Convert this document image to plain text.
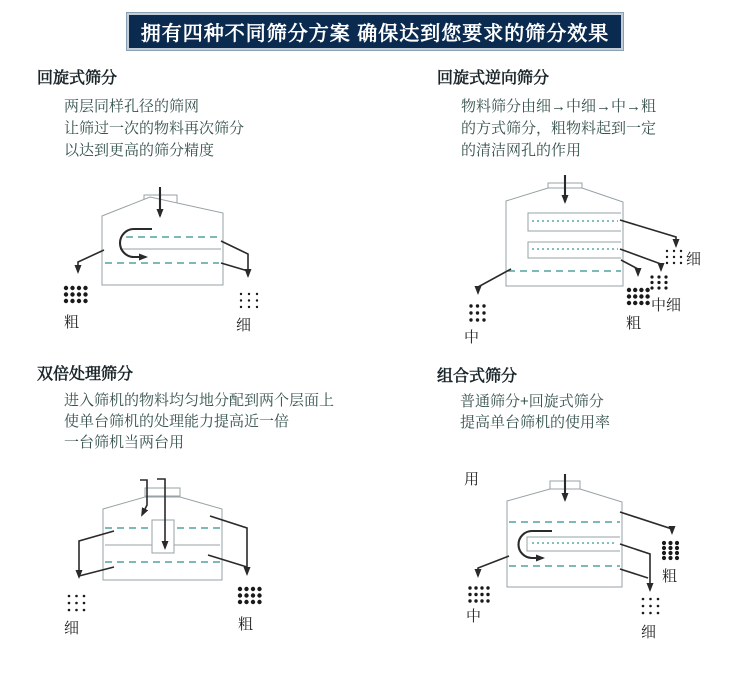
拥有四种不同筛分方案 确保达到您要求的筛分效果
回旋式筛分
两层同样孔径的筛网
让筛过一次的物料再次筛分
以达到更高的筛分精度
粗	细
回旋式逆向筛分
物料筛分由细→中细→中→粗
的方式筛分，粗物料起到一定
的清洁网孔的作用
细
中细
粗
中
双倍处理筛分
进入筛机的物料均匀地分配到两个层面上
使单台筛机的处理能力提高近一倍
一台筛机当两台用
细	粗
组合式筛分
普通筛分+回旋式筛分
提高单台筛机的使用率
用
粗
细
中
